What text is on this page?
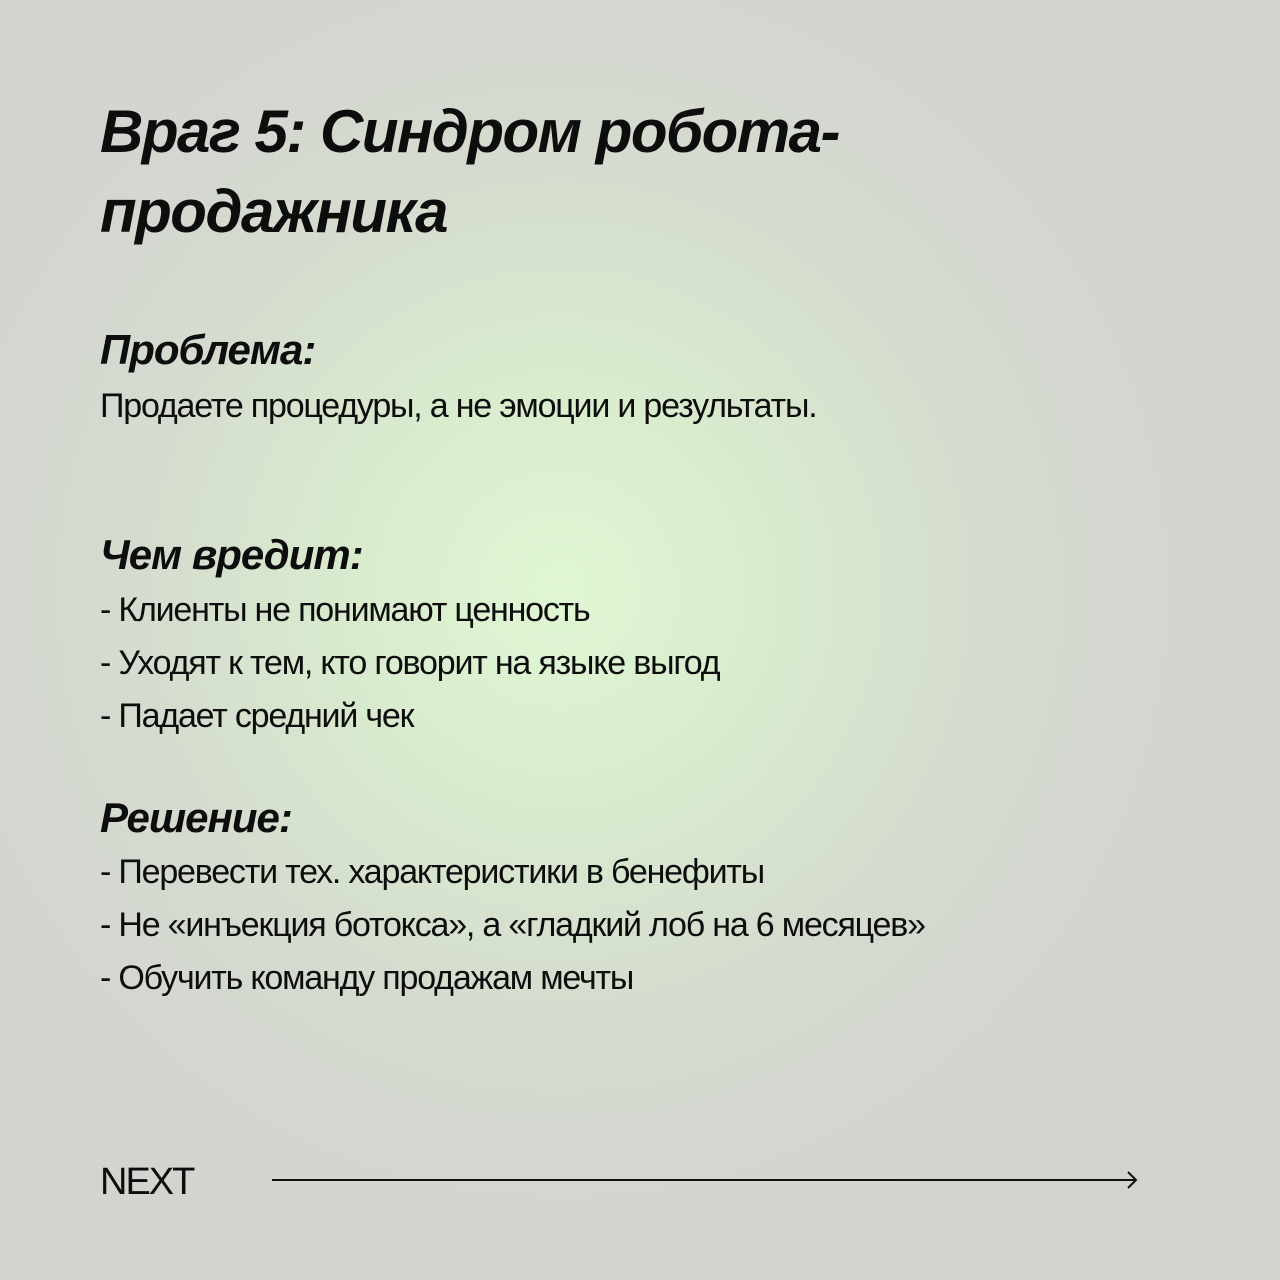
Враг 5: Синдром робота-продажника
Проблема:
Продаете процедуры, а не эмоции и результаты.
Чем вредит:
- Клиенты не понимают ценность
- Уходят к тем, кто говорит на языке выгод
- Падает средний чек
Решение:
- Перевести тех. характеристики в бенефиты
- Не «инъекция ботокса», а «гладкий лоб на 6 месяцев»
- Обучить команду продажам мечты
NEXT
